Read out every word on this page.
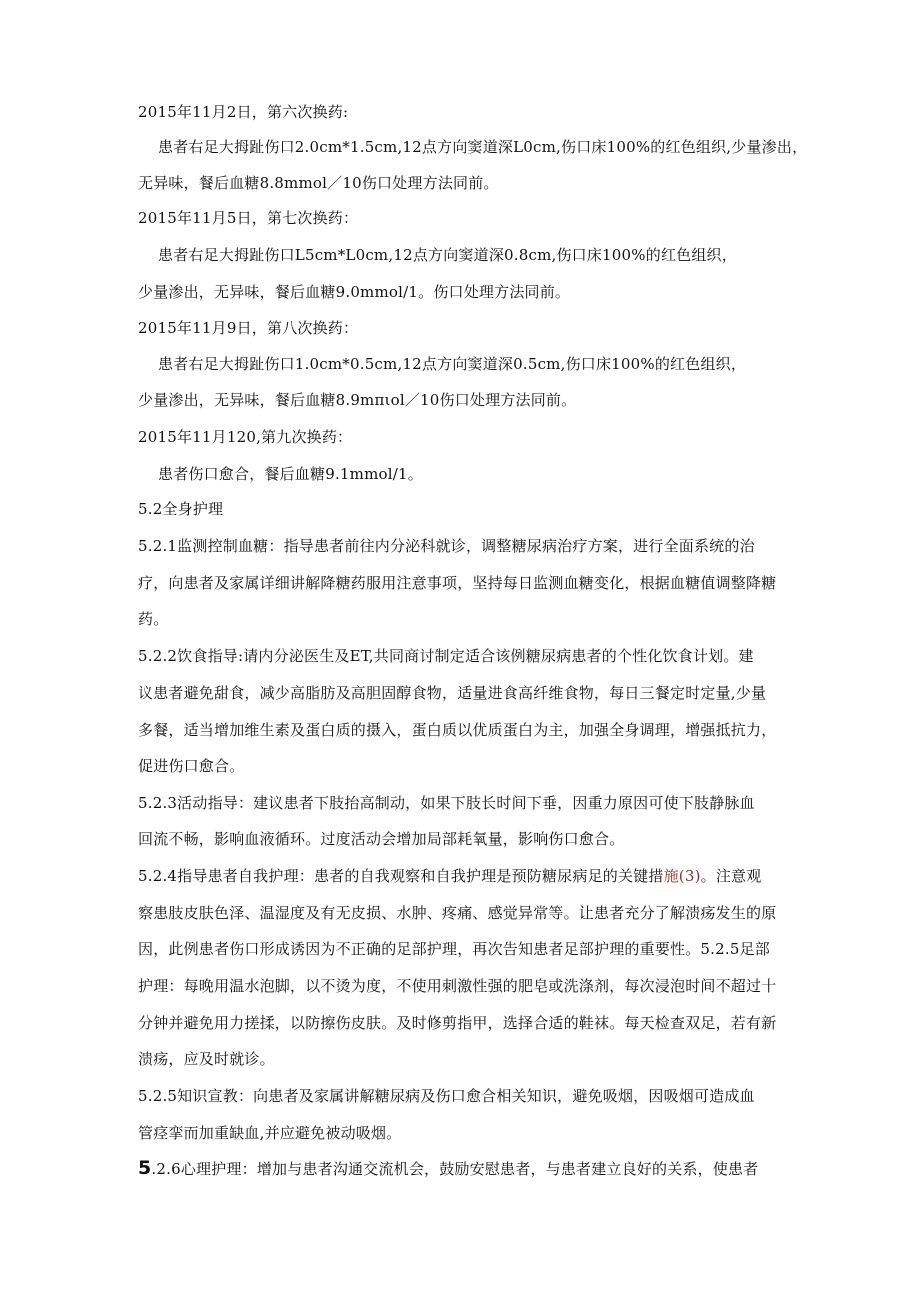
2015年11月2日，第六次换药:
患者右足大拇趾伤口2.0cm*1.5cm,12点方向窦道深L0cm,伤口床100%的红色组织,少量渗出，
无异味，餐后血糖8.8mmol／10伤口处理方法同前。
2015年11月5日，第七次换药：
患者右足大拇趾伤口L5cm*L0cm,12点方向窦道深0.8cm,伤口床100%的红色组织，
少量渗出，无异味，餐后血糖9.0mmol/1。伤口处理方法同前。
2015年11月9日，第八次换药：
患者右足大拇趾伤口1.0cm*0.5cm,12点方向窦道深0.5cm,伤口床100%的红色组织，
少量渗出，无异味，餐后血糖8.9mπιol／10伤口处理方法同前。
2015年11月120,第九次换药：
患者伤口愈合，餐后血糖9.1mmol/1。
5.2全身护理
5.2.1监测控制血糖：指导患者前往内分泌科就诊，调整糖尿病治疗方案，进行全面系统的治
疗，向患者及家属详细讲解降糖药服用注意事项，坚持每日监测血糖变化，根据血糖值调整降糖
药。
5.2.2饮食指导:请内分泌医生及ET,共同商讨制定适合该例糖尿病患者的个性化饮食计划。建
议患者避免甜食，减少高脂肪及高胆固醇食物，适量进食高纤维食物，每日三餐定时定量,少量
多餐，适当增加维生素及蛋白质的摄入，蛋白质以优质蛋白为主，加强全身调理，增强抵抗力，
促进伤口愈合。
5.2.3活动指导：建议患者下肢抬高制动，如果下肢长时间下垂，因重力原因可使下肢静脉血
回流不畅，影响血液循环。过度活动会增加局部耗氧量，影响伤口愈合。
5.2.4指导患者自我护理：患者的自我观察和自我护理是预防糖尿病足的关键措施(3)。注意观
察患肢皮肤色泽、温湿度及有无皮损、水肿、疼痛、感觉异常等。让患者充分了解溃疡发生的原
因，此例患者伤口形成诱因为不正确的足部护理，再次告知患者足部护理的重要性。5.2.5足部
护理：每晚用温水泡脚，以不烫为度，不使用刺激性强的肥皂或洗涤剂，每次浸泡时间不超过十
分钟并避免用力搓揉，以防擦伤皮肤。及时修剪指甲，选择合适的鞋袜。每天检查双足，若有新
溃疡，应及时就诊。
5.2.5知识宣教：向患者及家属讲解糖尿病及伤口愈合相关知识，避免吸烟，因吸烟可造成血
管痉挛而加重缺血,并应避免被动吸烟。
5.2.6心理护理：增加与患者沟通交流机会，鼓励安慰患者，与患者建立良好的关系，使患者
